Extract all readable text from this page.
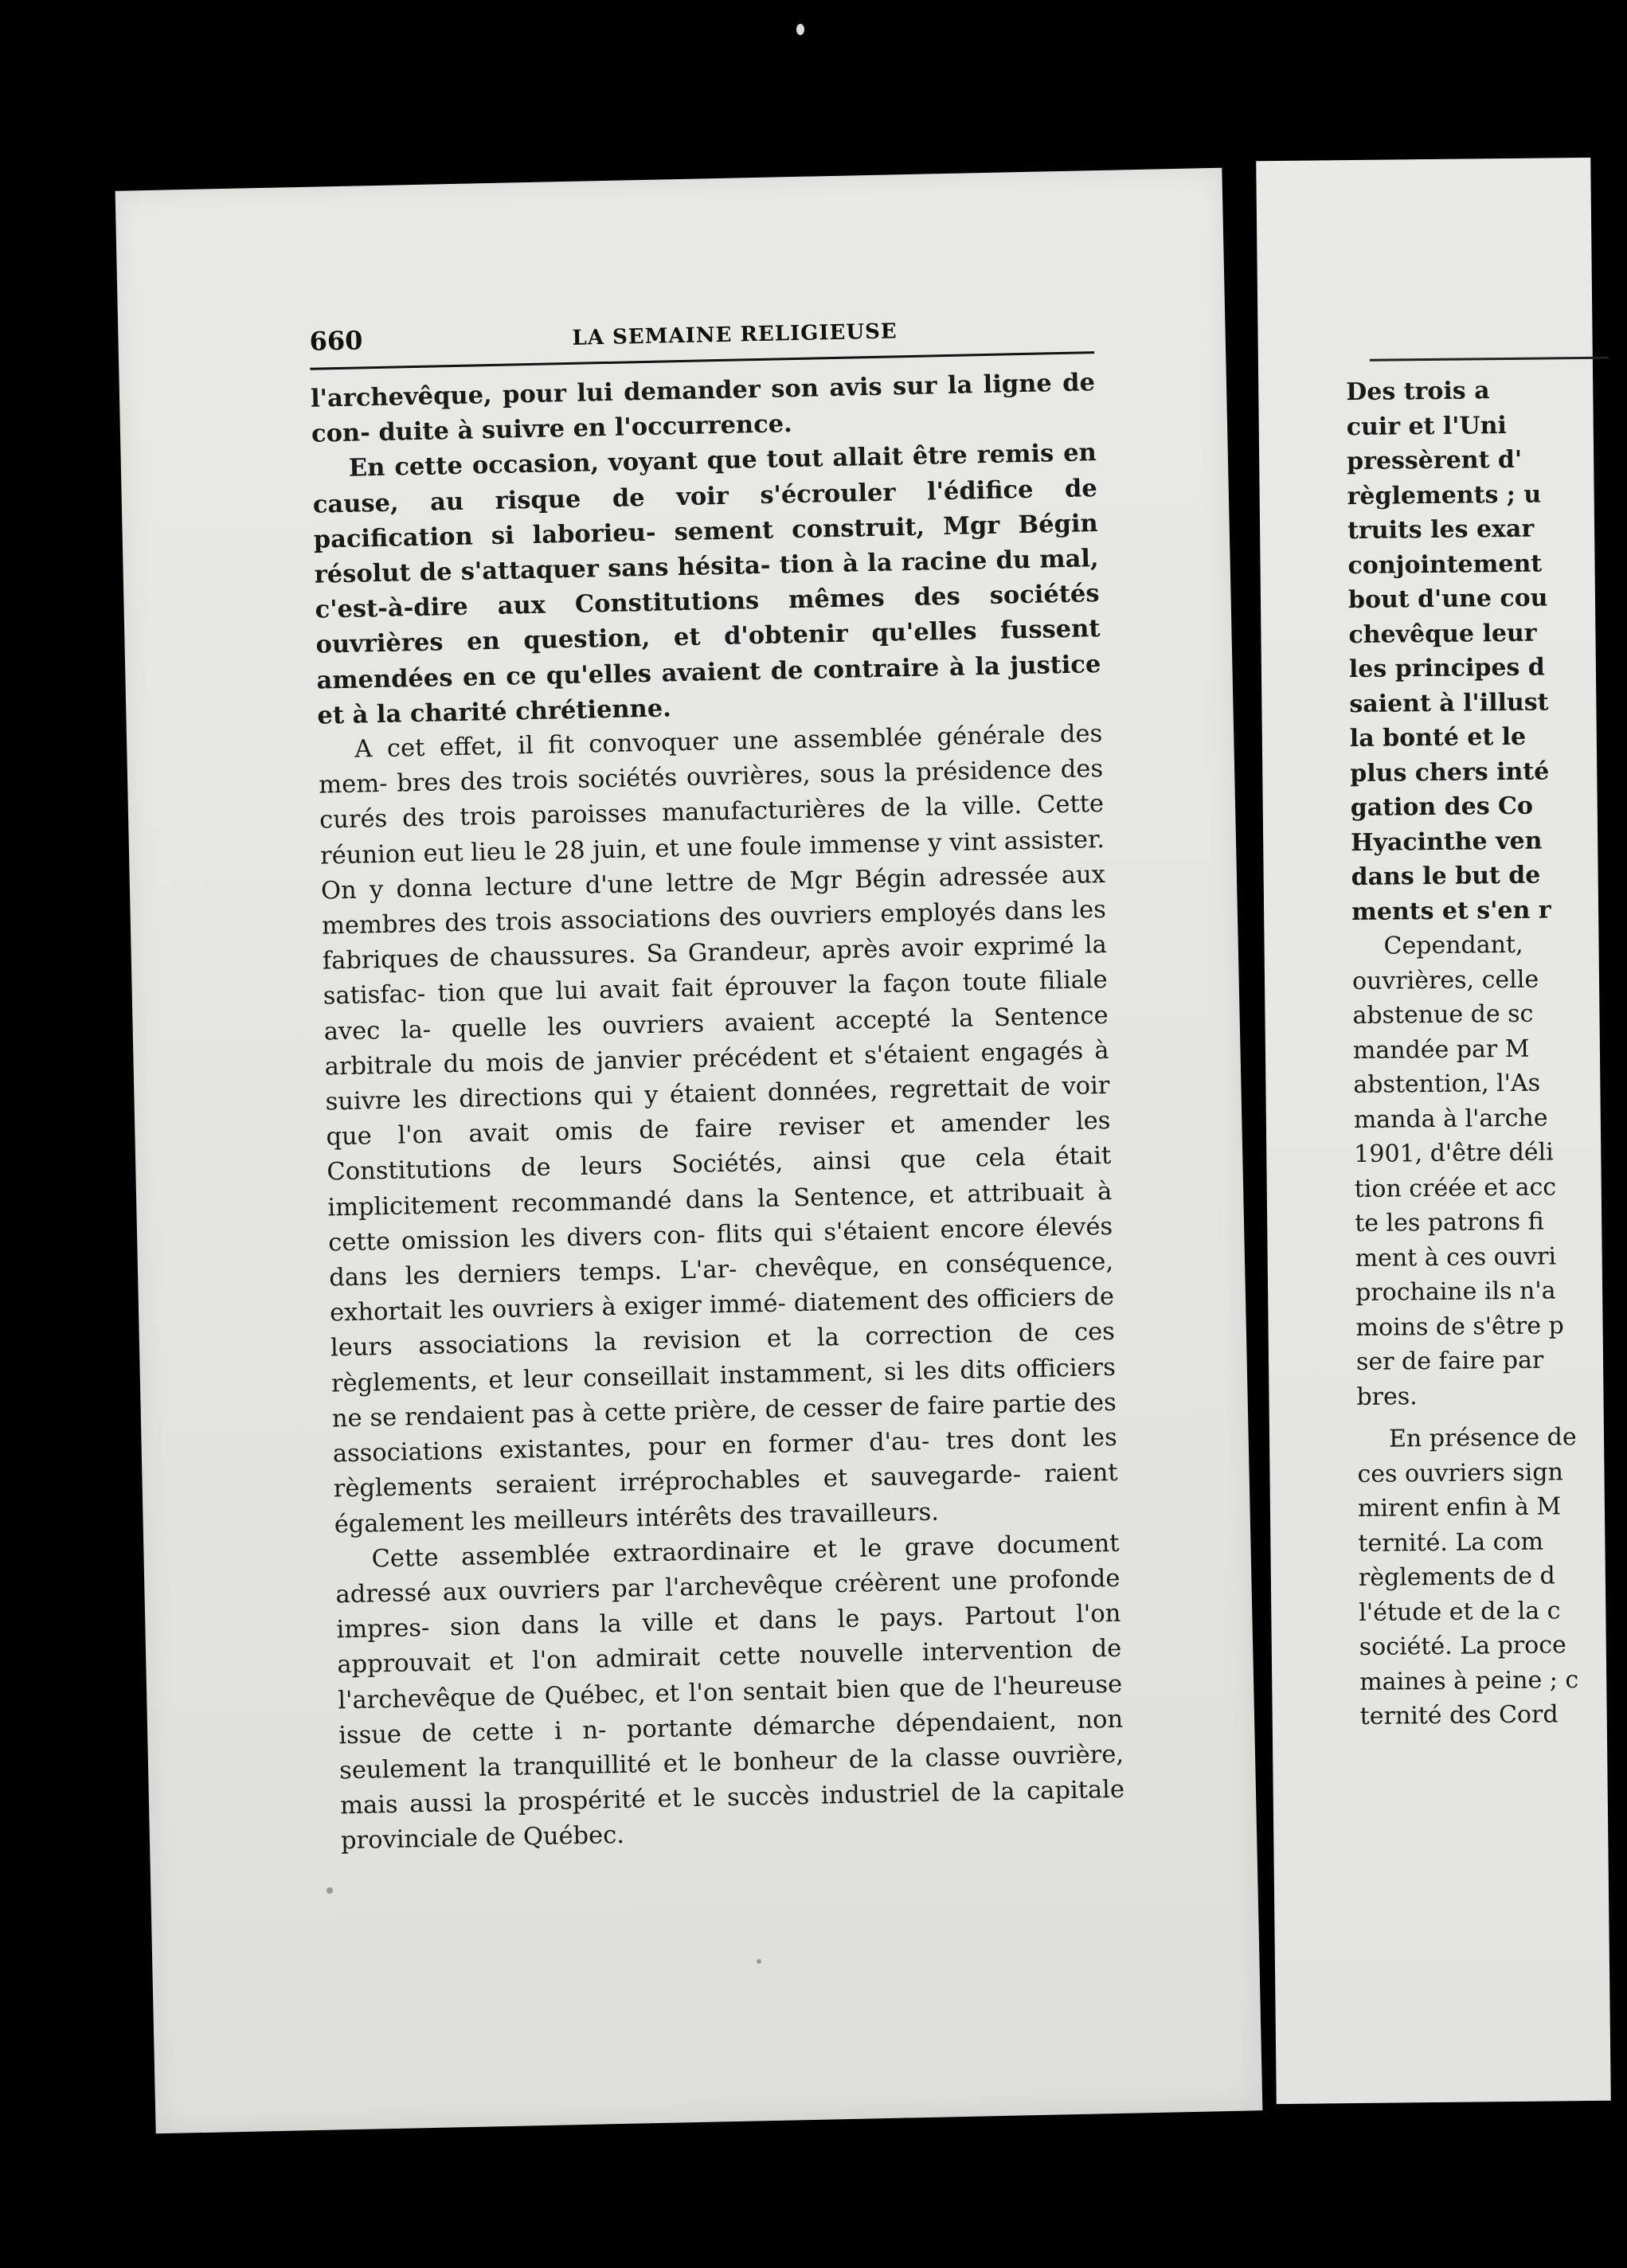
660	LA SEMAINE RELIGIEUSE

l'archevêque, pour lui demander son avis sur la ligne de con- duite à suivre en l'occurrence.

En cette occasion, voyant que tout allait être remis en cause, au risque de voir s'écrouler l'édifice de pacification si laborieu- sement construit, Mgr Bégin résolut de s'attaquer sans hésita- tion à la racine du mal, c'est-à-dire aux Constitutions mêmes des sociétés ouvrières en question, et d'obtenir qu'elles fussent amendées en ce qu'elles avaient de contraire à la justice et à la charité chrétienne.

A cet effet, il fit convoquer une assemblée générale des mem- bres des trois sociétés ouvrières, sous la présidence des curés des trois paroisses manufacturières de la ville. Cette réunion eut lieu le 28 juin, et une foule immense y vint assister. On y donna lecture d'une lettre de Mgr Bégin adressée aux membres des trois associations des ouvriers employés dans les fabriques de chaussures. Sa Grandeur, après avoir exprimé la satisfac- tion que lui avait fait éprouver la façon toute filiale avec la- quelle les ouvriers avaient accepté la Sentence arbitrale du mois de janvier précédent et s'étaient engagés à suivre les directions qui y étaient données, regrettait de voir que l'on avait omis de faire reviser et amender les Constitutions de leurs Sociétés, ainsi que cela était implicitement recommandé dans la Sentence, et attribuait à cette omission les divers con- flits qui s'étaient encore élevés dans les derniers temps. L'ar- chevêque, en conséquence, exhortait les ouvriers à exiger immé- diatement des officiers de leurs associations la revision et la correction de ces règlements, et leur conseillait instamment, si les dits officiers ne se rendaient pas à cette prière, de cesser de faire partie des associations existantes, pour en former d'au- tres dont les règlements seraient irréprochables et sauvegarde- raient également les meilleurs intérêts des travailleurs.

Cette assemblée extraordinaire et le grave document adressé aux ouvriers par l'archevêque créèrent une profonde impres- sion dans la ville et dans le pays. Partout l'on approuvait et l'on admirait cette nouvelle intervention de l'archevêque de Québec, et l'on sentait bien que de l'heureuse issue de cette i n- portante démarche dépendaient, non seulement la tranquillité et le bonheur de la classe ouvrière, mais aussi la prospérité et le succès industriel de la capitale provinciale de Québec.

Des trois a
cuir et l'Uni
pressèrent d'
règlements ; u
truits les exar
conjointement
bout d'une cou
chevêque leur
les principes d
saient à l'illust
la bonté et le
plus chers inté
gation des Co
Hyacinthe ven
dans le but de
ments et s'en r
Cependant,
ouvrières, celle
abstenue de sc
mandée par M
abstention, l'As
manda à l'arche
1901, d'être déli
tion créée et acc
te les patrons fi
ment à ces ouvri
prochaine ils n'a
moins de s'être p
ser de faire par
bres.
En présence de
ces ouvriers sign
mirent enfin à M
ternité. La com
règlements de d
l'étude et de la c
société. La proce
maines à peine ; c
ternité des Cord
